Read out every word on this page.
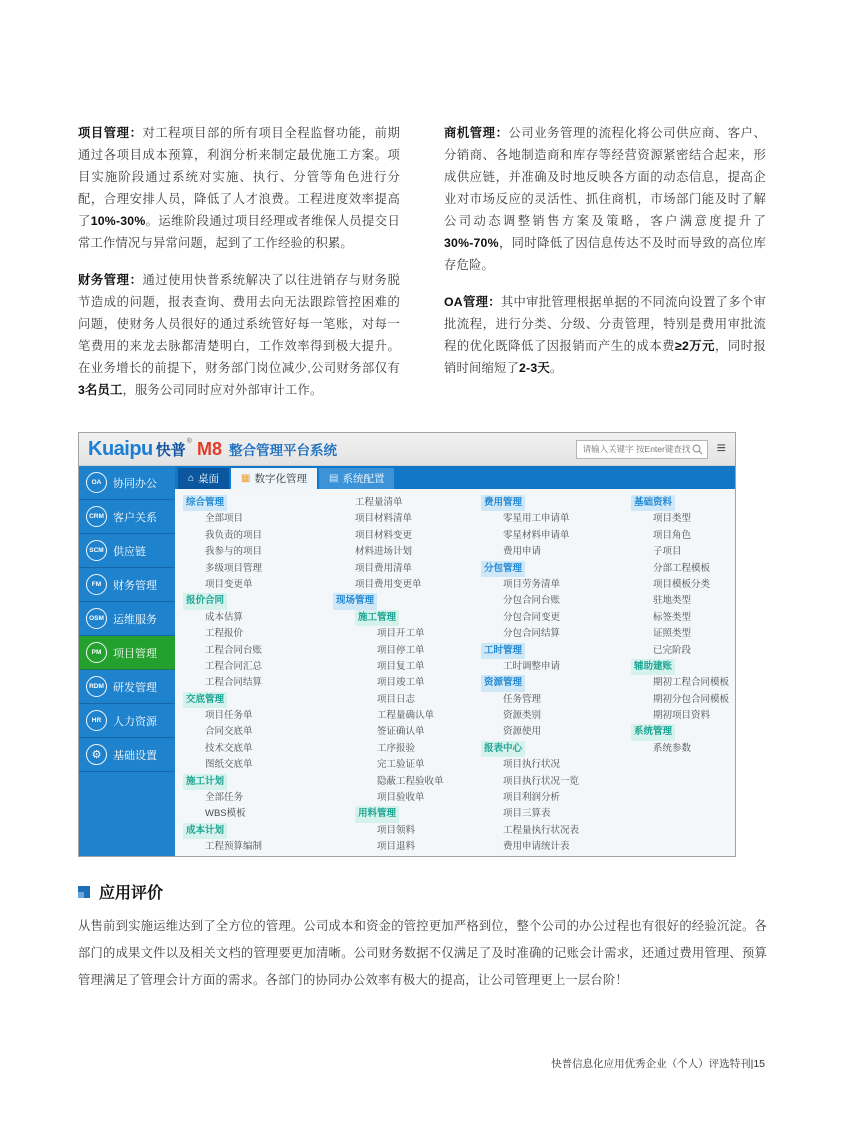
项目管理：对工程项目部的所有项目全程监督功能，前期通过各项目成本预算，利润分析来制定最优施工方案。项目实施阶段通过系统对实施、执行、分管等角色进行分配，合理安排人员，降低了人才浪费。工程进度效率提高了10%-30%。运维阶段通过项目经理或者维保人员提交日常工作情况与异常问题，起到了工作经验的积累。

财务管理：通过使用快普系统解决了以往进销存与财务脱节造成的问题，报表查询、费用去向无法跟踪管控困难的问题，使财务人员很好的通过系统管好每一笔账，对每一笔费用的来龙去脉都清楚明白，工作效率得到极大提升。在业务增长的前提下，财务部门岗位减少,公司财务部仅有3名员工，服务公司同时应对外部审计工作。

商机管理：公司业务管理的流程化将公司供应商、客户、分销商、各地制造商和库存等经营资源紧密结合起来，形成供应链，并准确及时地反映各方面的动态信息，提高企业对市场反应的灵活性、抓住商机，市场部门能及时了解公司动态调整销售方案及策略，客户满意度提升了30%-70%，同时降低了因信息传达不及时而导致的高位库存危险。

OA管理：其中审批管理根据单据的不同流向设置了多个审批流程，进行分类、分级、分责管理，特别是费用审批流程的优化既降低了因报销而产生的成本费≥2万元，同时报销时间缩短了2-3天。

Kuaipu 快普 ® M8 整合管理平台系统
请输入关键字 按Enter键查找	≡
OA	协同办公
CRM 客户关系
SCM 供应链
FM	财务管理
OSM 运维服务
PM	项目管理
RDM 研发管理
HR	人力资源
⚙	基础设置
⌂ 桌面 ▦ 数字化管理 ▤ 系统配置
综合管理
全部项目
我负责的项目
我参与的项目
多级项目管理
项目变更单
报价合同
成本估算
工程报价
工程合同台账
工程合同汇总
工程合同结算
交底管理
项目任务单
合同交底单
技术交底单
图纸交底单
施工计划
全部任务
WBS模板
成本计划
工程预算编制
工程量清单
项目材料清单
项目材料变更
材料进场计划
项目费用清单
项目费用变更单
现场管理
施工管理
项目开工单
项目停工单
项目复工单
项目竣工单
项目日志
工程量确认单
签证确认单
工序报验
完工验证单
隐蔽工程验收单
项目验收单
用料管理
项目领料
项目退料
费用管理
零星用工申请单
零星材料申请单
费用申请
分包管理
项目劳务清单
分包合同台账
分包合同变更
分包合同结算
工时管理
工时调整申请
资源管理
任务管理
资源类别
资源使用
报表中心
项目执行状况
项目执行状况一览
项目利润分析
项目三算表
工程量执行状况表
费用申请统计表
基础资料
项目类型
项目角色
子项目
分部工程模板
项目模板分类
驻地类型
标签类型
证照类型
已完阶段
辅助建账
期初工程合同模板
期初分包合同模板
期初项目资料
系统管理
系统参数
应用评价

从售前到实施运维达到了全方位的管理。公司成本和资金的管控更加严格到位，整个公司的办公过程也有很好的经验沉淀。各部门的成果文件以及相关文档的管理要更加清晰。公司财务数据不仅满足了及时准确的记账会计需求，还通过费用管理、预算管理满足了管理会计方面的需求。各部门的协同办公效率有极大的提高，让公司管理更上一层台阶！

快普信息化应用优秀企业（个人）评选特刊|15
